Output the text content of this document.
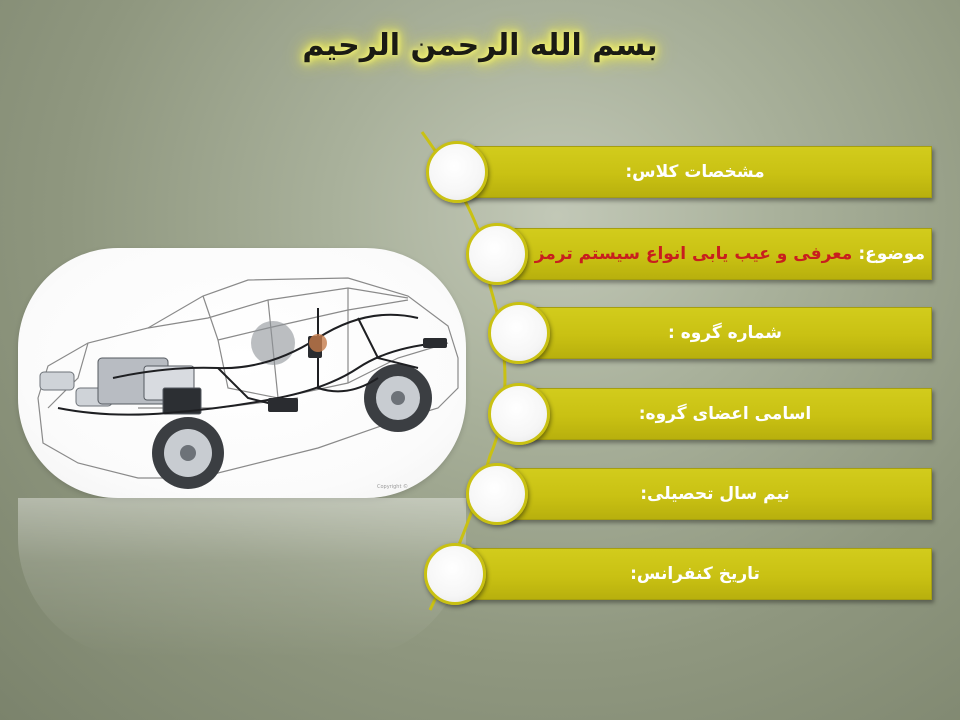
بسم الله الرحمن الرحیم
Copyright ©
مشخصات کلاس:
موضوع:
معرفی و عیب یابی انواع سیستم ترمز
شماره گروه :
اسامی اعضای گروه:
نیم سال تحصیلی:
تاریخ کنفرانس:
